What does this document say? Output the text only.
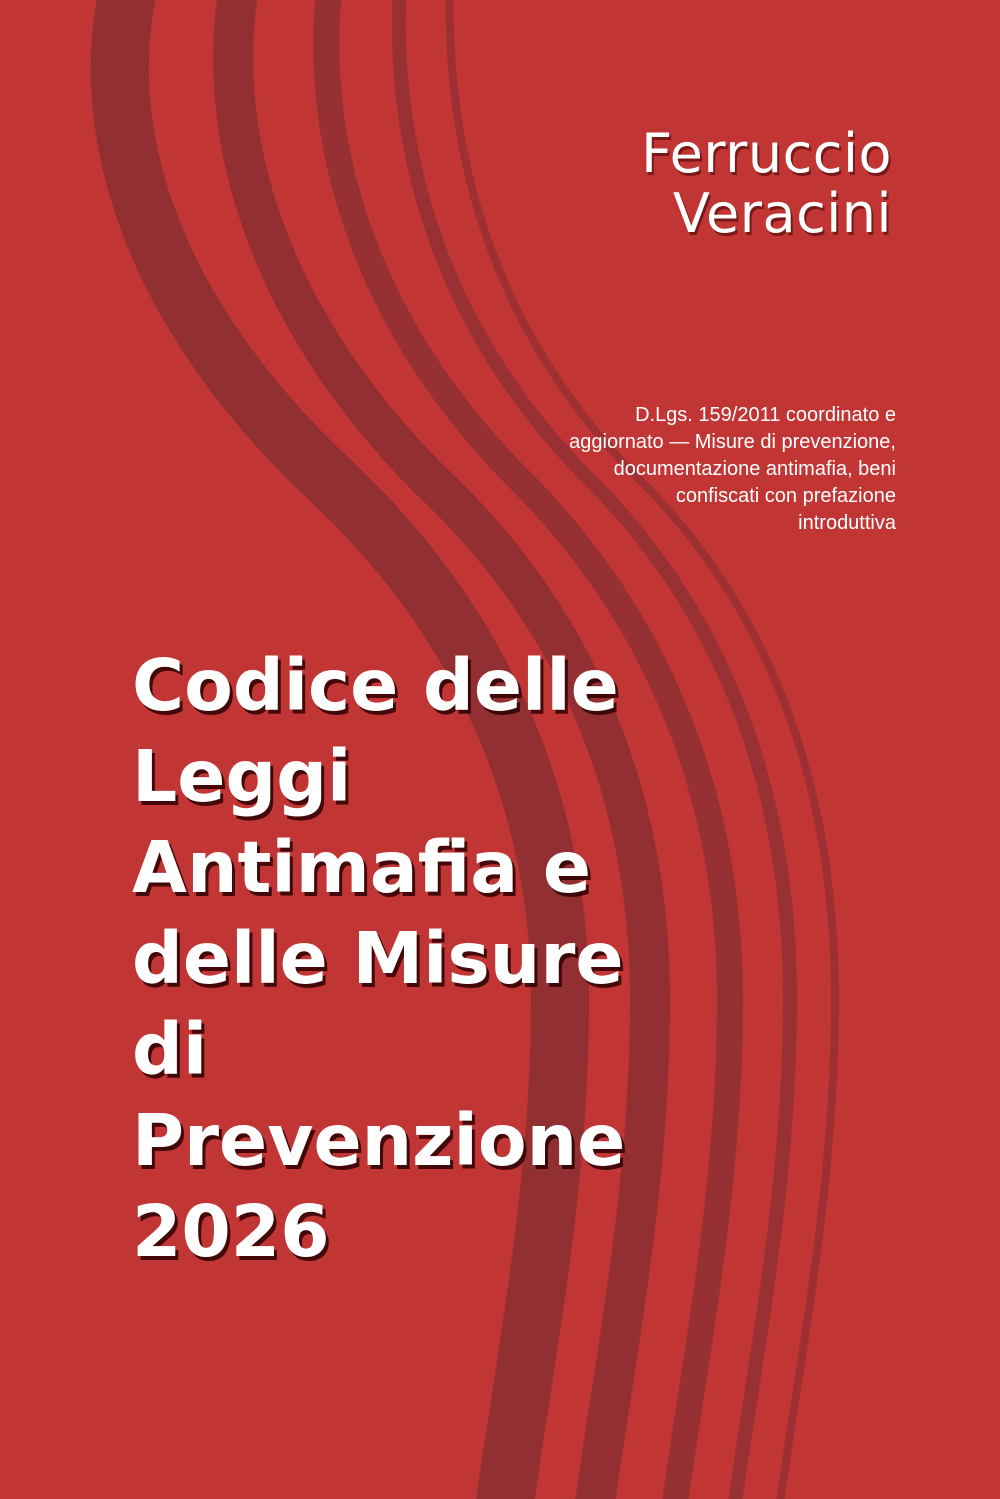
Ferruccio
Veracini
D.Lgs. 159/2011 coordinato e
aggiornato — Misure di prevenzione,
documentazione antimafia, beni
confiscati con prefazione
introduttiva
Codice delle
Leggi
Antimafia e
delle Misure
di
Prevenzione
2026
